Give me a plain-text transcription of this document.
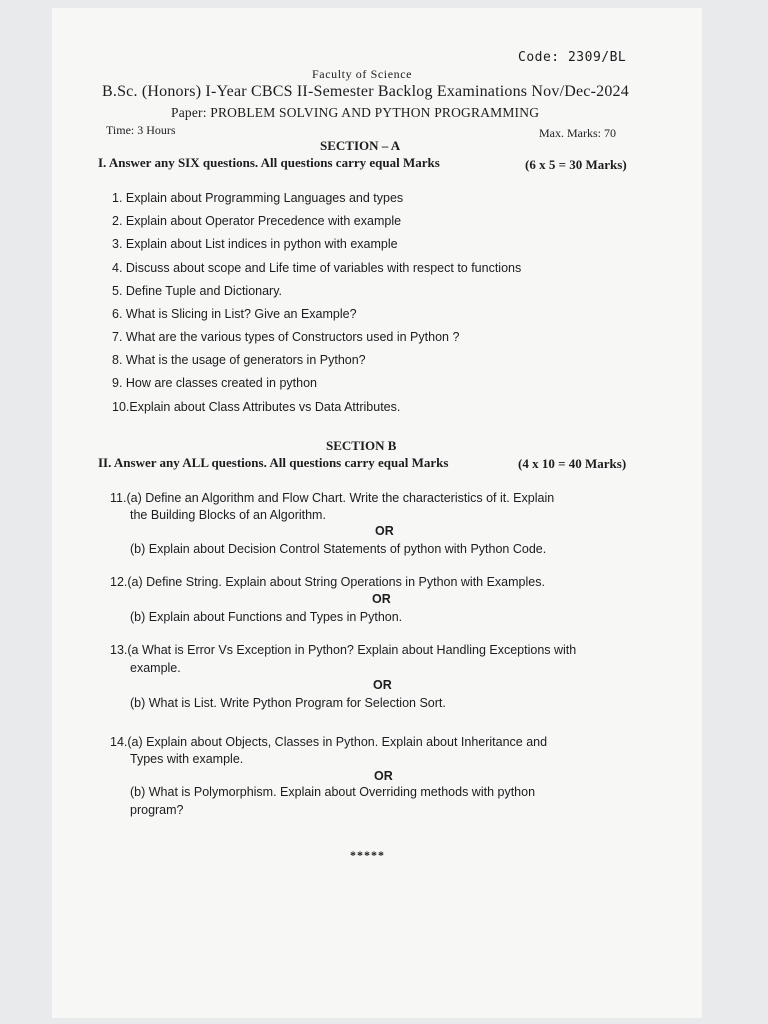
Code: 2309/BL
Faculty of Science
B.Sc. (Honors) I-Year CBCS II-Semester Backlog Examinations Nov/Dec-2024
Paper: PROBLEM SOLVING AND PYTHON PROGRAMMING
Time: 3 Hours	Max. Marks: 70
SECTION – A
I. Answer any SIX questions. All questions carry equal Marks	(6 x 5 = 30 Marks)
1. Explain about Programming Languages and types
2. Explain about Operator Precedence with example
3. Explain about List indices in python with example
4. Discuss about scope and Life time of variables with respect to functions
5. Define Tuple and Dictionary.
6. What is Slicing in List? Give an Example?
7. What are the various types of Constructors used in Python ?
8. What is the usage of generators in Python?
9. How are classes created in python
10.Explain about Class Attributes vs Data Attributes.
SECTION B
II. Answer any ALL questions. All questions carry equal Marks	(4 x 10 = 40 Marks)
11.(a) Define an Algorithm and Flow Chart. Write the characteristics of it. Explain
the Building Blocks of an Algorithm.
OR
(b) Explain about Decision Control Statements of python with Python Code.
12.(a) Define String. Explain about String Operations in Python with Examples.
OR
(b) Explain about Functions and Types in Python.
13.(a What is Error Vs Exception in Python? Explain about Handling Exceptions with
example.
OR
(b) What is List. Write Python Program for Selection Sort.
14.(a) Explain about Objects, Classes in Python. Explain about Inheritance and
Types with example.
OR
(b) What is Polymorphism. Explain about Overriding methods with python
program?
*****
